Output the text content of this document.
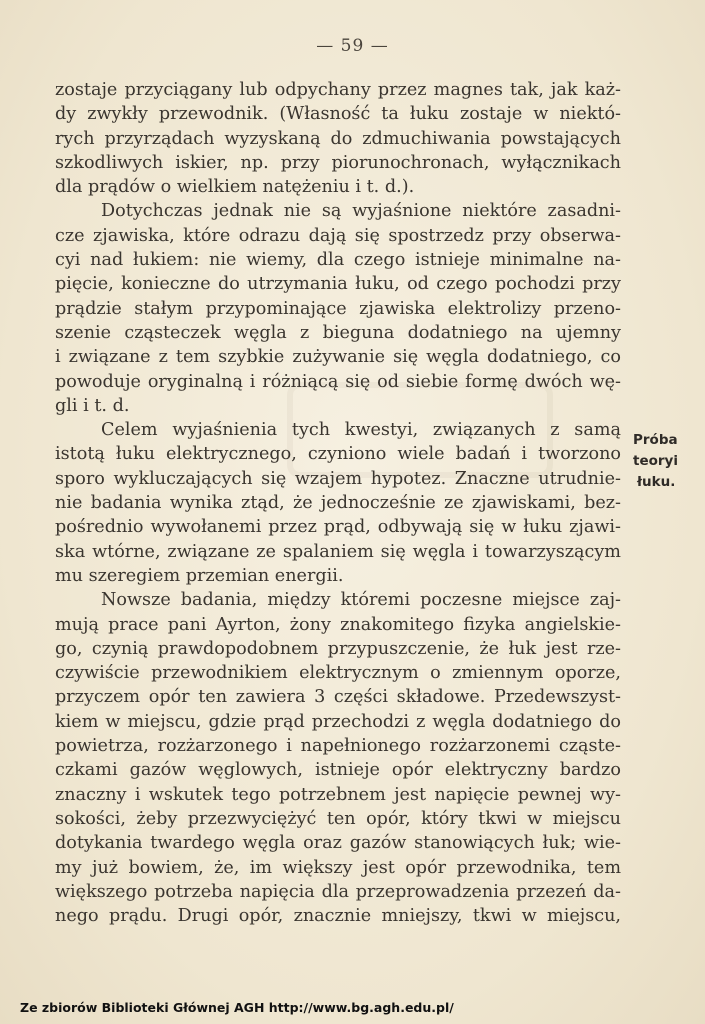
— 59 —
zostaje przyciągany lub odpychany przez magnes tak, jak każ-
dy zwykły przewodnik. (Własność ta łuku zostaje w niektó-
rych przyrządach wyzyskaną do zdmuchiwania powstających
szkodliwych iskier, np. przy piorunochronach, wyłącznikach
dla prądów o wielkiem natężeniu i t. d.).
Dotychczas jednak nie są wyjaśnione niektóre zasadni-
cze zjawiska, które odrazu dają się spostrzedz przy obserwa-
cyi nad łukiem: nie wiemy, dla czego istnieje minimalne na-
pięcie, konieczne do utrzymania łuku, od czego pochodzi przy
prądzie stałym przypominające zjawiska elektrolizy przeno-
szenie cząsteczek węgla z bieguna dodatniego na ujemny
i związane z tem szybkie zużywanie się węgla dodatniego, co
powoduje oryginalną i różniącą się od siebie formę dwóch wę-
gli i t. d.
Celem wyjaśnienia tych kwestyi, związanych z samą
istotą łuku elektrycznego, czyniono wiele badań i tworzono
sporo wykluczających się wzajem hypotez. Znaczne utrudnie-
nie badania wynika ztąd, że jednocześnie ze zjawiskami, bez-
pośrednio wywołanemi przez prąd, odbywają się w łuku zjawi-
ska wtórne, związane ze spalaniem się węgla i towarzyszącym
mu szeregiem przemian energii.
Nowsze badania, między któremi poczesne miejsce zaj-
mują prace pani Ayrton, żony znakomitego fizyka angielskie-
go, czynią prawdopodobnem przypuszczenie, że łuk jest rze-
czywiście przewodnikiem elektrycznym o zmiennym oporze,
przyczem opór ten zawiera 3 części składowe. Przedewszyst-
kiem w miejscu, gdzie prąd przechodzi z węgla dodatniego do
powietrza, rozżarzonego i napełnionego rozżarzonemi cząste-
czkami gazów węglowych, istnieje opór elektryczny bardzo
znaczny i wskutek tego potrzebnem jest napięcie pewnej wy-
sokości, żeby przezwyciężyć ten opór, który tkwi w miejscu
dotykania twardego węgla oraz gazów stanowiących łuk; wie-
my już bowiem, że, im większy jest opór przewodnika, tem
większego potrzeba napięcia dla przeprowadzenia przezeń da-
nego prądu. Drugi opór, znacznie mniejszy, tkwi w miejscu,
Próba
teoryi
łuku.
Ze zbiorów Biblioteki Głównej AGH http://www.bg.agh.edu.pl/
